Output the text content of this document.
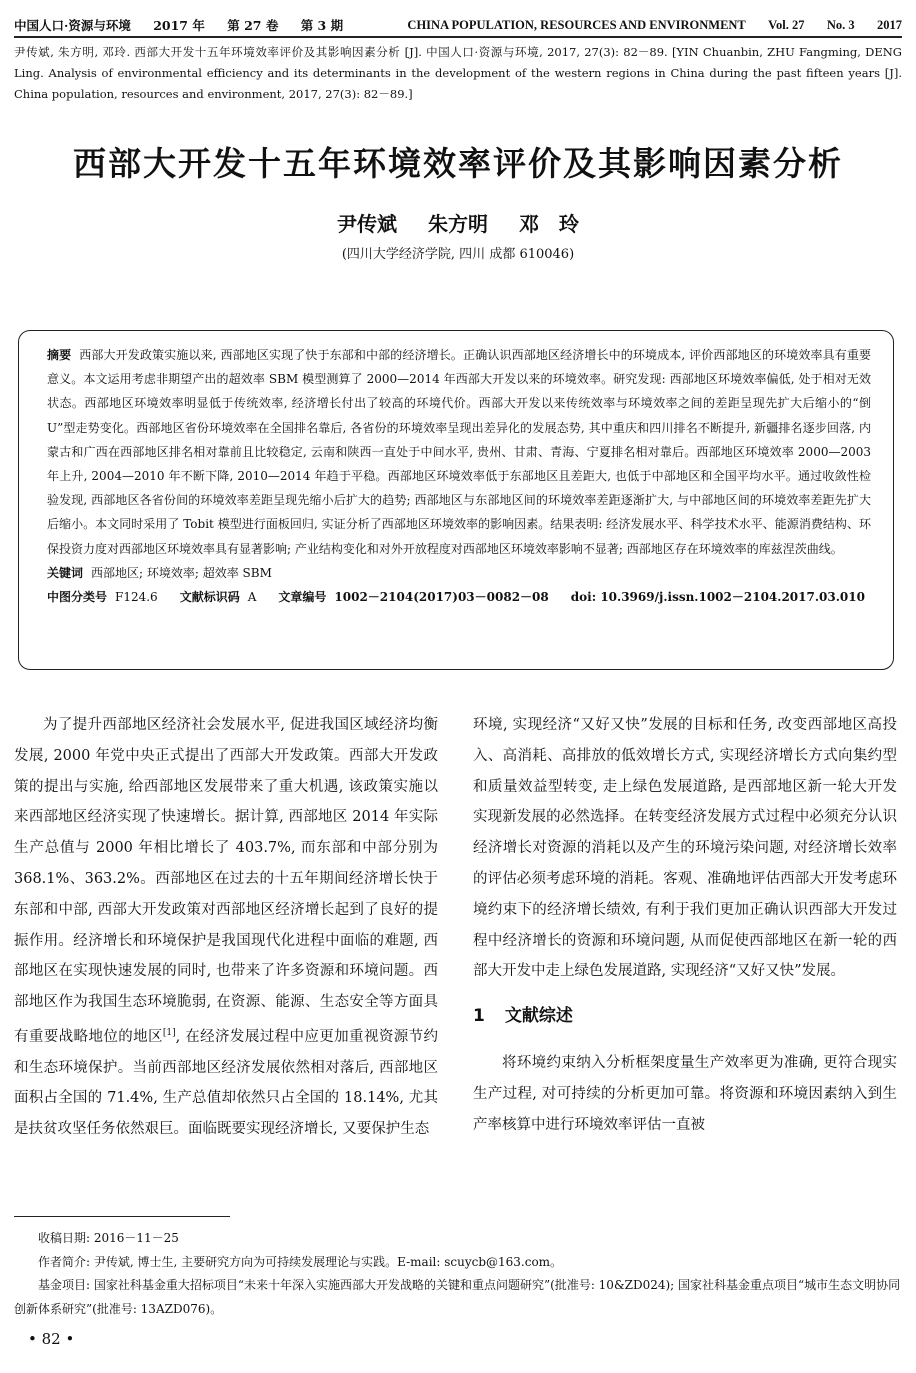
中国人口·资源与环境 2017 年 第 27 卷 第 3 期	CHINA POPULATION, RESOURCES AND ENVIRONMENT Vol. 27 No. 3 2017
尹传斌, 朱方明, 邓玲. 西部大开发十五年环境效率评价及其影响因素分析 [J]. 中国人口·资源与环境, 2017, 27(3): 82－89. [YIN Chuanbin, ZHU Fangming, DENG Ling. Analysis of environmental efficiency and its determinants in the development of the western regions in China during the past fifteen years [J]. China population, resources and environment, 2017, 27(3): 82－89.]
西部大开发十五年环境效率评价及其影响因素分析
尹传斌 朱方明 邓　玲
(四川大学经济学院, 四川 成都 610046)
摘要 西部大开发政策实施以来, 西部地区实现了快于东部和中部的经济增长。正确认识西部地区经济增长中的环境成本, 评价西部地区的环境效率具有重要意义。本文运用考虑非期望产出的超效率 SBM 模型测算了 2000—2014 年西部大开发以来的环境效率。研究发现: 西部地区环境效率偏低, 处于相对无效状态。西部地区环境效率明显低于传统效率, 经济增长付出了较高的环境代价。西部大开发以来传统效率与环境效率之间的差距呈现先扩大后缩小的“倒 U”型走势变化。西部地区省份环境效率在全国排名靠后, 各省份的环境效率呈现出差异化的发展态势, 其中重庆和四川排名不断提升, 新疆排名逐步回落, 内蒙古和广西在西部地区排名相对靠前且比较稳定, 云南和陕西一直处于中间水平, 贵州、甘肃、青海、宁夏排名相对靠后。西部地区环境效率 2000—2003 年上升, 2004—2010 年不断下降, 2010—2014 年趋于平稳。西部地区环境效率低于东部地区且差距大, 也低于中部地区和全国平均水平。通过收敛性检验发现, 西部地区各省份间的环境效率差距呈现先缩小后扩大的趋势; 西部地区与东部地区间的环境效率差距逐渐扩大, 与中部地区间的环境效率差距先扩大后缩小。本文同时采用了 Tobit 模型进行面板回归, 实证分析了西部地区环境效率的影响因素。结果表明: 经济发展水平、科学技术水平、能源消费结构、环保投资力度对西部地区环境效率具有显著影响; 产业结构变化和对外开放程度对西部地区环境效率影响不显著; 西部地区存在环境效率的库兹涅茨曲线。
关键词 西部地区; 环境效率; 超效率 SBM
中图分类号 F124.6 文献标识码 A 文章编号 1002－2104(2017)03－0082－08 doi: 10.3969/j.issn.1002－2104.2017.03.010

为了提升西部地区经济社会发展水平, 促进我国区域经济均衡发展, 2000 年党中央正式提出了西部大开发政策。西部大开发政策的提出与实施, 给西部地区发展带来了重大机遇, 该政策实施以来西部地区经济实现了快速增长。据计算, 西部地区 2014 年实际生产总值与 2000 年相比增长了 403.7%, 而东部和中部分别为 368.1%、363.2%。西部地区在过去的十五年期间经济增长快于东部和中部, 西部大开发政策对西部地区经济增长起到了良好的提振作用。经济增长和环境保护是我国现代化进程中面临的难题, 西部地区在实现快速发展的同时, 也带来了许多资源和环境问题。西部地区作为我国生态环境脆弱, 在资源、能源、生态安全等方面具有重要战略地位的地区[1], 在经济发展过程中应更加重视资源节约和生态环境保护。当前西部地区经济发展依然相对落后, 西部地区面积占全国的 71.4%, 生产总值却依然只占全国的 18.14%, 尤其是扶贫攻坚任务依然艰巨。面临既要实现经济增长, 又要保护生态

环境, 实现经济“又好又快”发展的目标和任务, 改变西部地区高投入、高消耗、高排放的低效增长方式, 实现经济增长方式向集约型和质量效益型转变, 走上绿色发展道路, 是西部地区新一轮大开发实现新发展的必然选择。在转变经济发展方式过程中必须充分认识经济增长对资源的消耗以及产生的环境污染问题, 对经济增长效率的评估必须考虑环境的消耗。客观、准确地评估西部大开发考虑环境约束下的经济增长绩效, 有利于我们更加正确认识西部大开发过程中经济增长的资源和环境问题, 从而促使西部地区在新一轮的西部大开发中走上绿色发展道路, 实现经济“又好又快”发展。

1 文献综述

将环境约束纳入分析框架度量生产效率更为准确, 更符合现实生产过程, 对可持续的分析更加可靠。将资源和环境因素纳入到生产率核算中进行环境效率评估一直被

收稿日期: 2016－11－25
作者简介: 尹传斌, 博士生, 主要研究方向为可持续发展理论与实践。E-mail: scuycb@163.com。
基金项目: 国家社科基金重大招标项目“未来十年深入实施西部大开发战略的关键和重点问题研究”(批准号: 10&ZD024); 国家社科基金重点项目“城市生态文明协同创新体系研究”(批准号: 13AZD076)。
• 82 •
